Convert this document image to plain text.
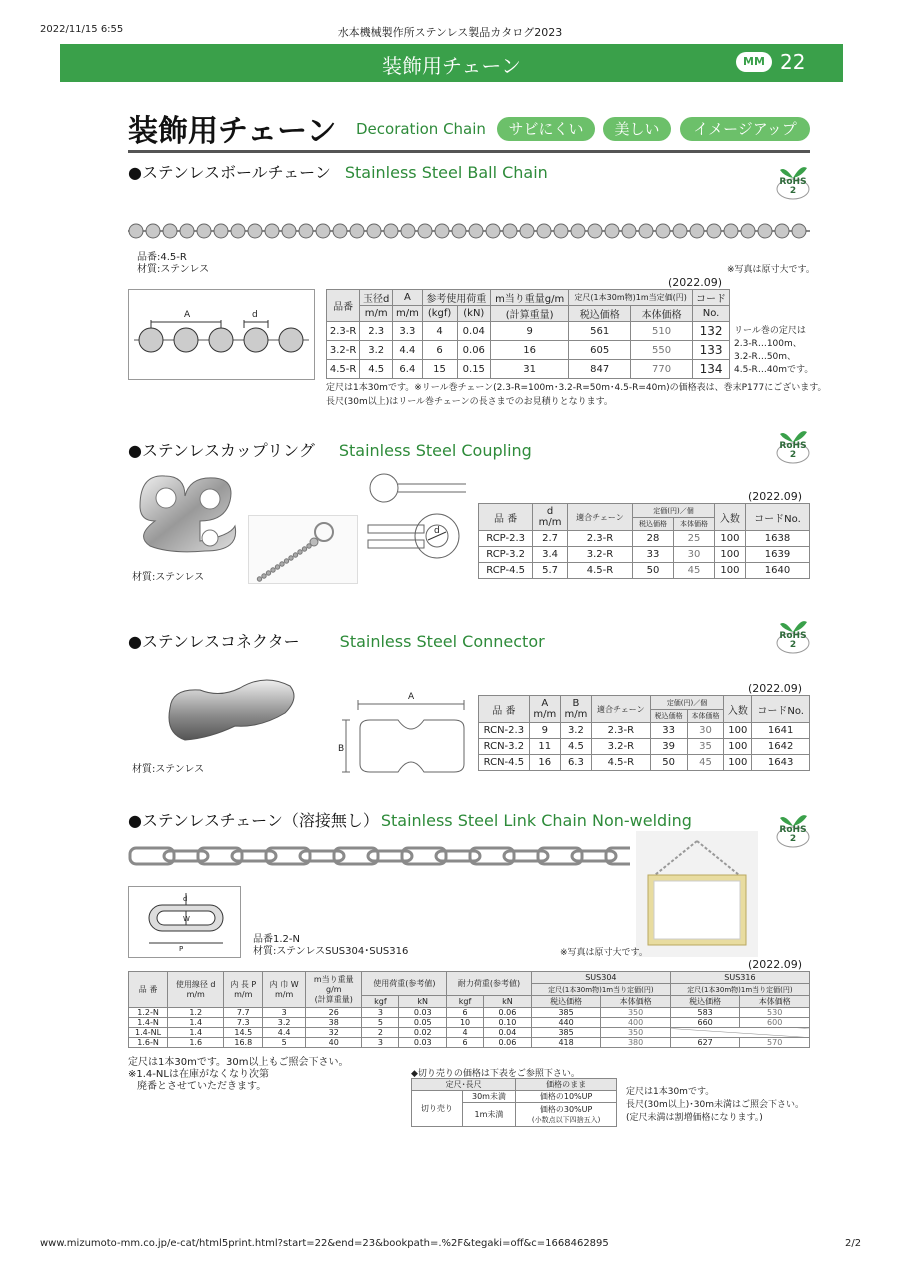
2022/11/15 6:55	水本機械製作所ステンレス製品カタログ2023
装飾用チェーン	MM 22
装飾用チェーン Decoration Chain	サビにくい	美しい	イメージアップ
●ステンレスボールチェーン Stainless Steel Ball Chain	RoHS
2
品番:4.5-R
材質:ステンレス	※写真は原寸大です。
(2022.09)
A	d
品番	玉径d	A	参考使用荷重		m当り重量g/m	定尺(1本30m物)1m当定価(円)		コード
	m/m	m/m	(kgf)	(kN)	(計算重量)	税込価格	本体価格	No.
2.3-R	2.3	3.3	4	0.04	9	561	510	132
3.2-R	3.2	4.4	6	0.06	16	605	550	133
4.5-R	4.5	6.4	15	0.15	31	847	770	134
リール巻の定尺は
2.3-R…100m、
3.2-R…50m、
4.5-R…40mです。
定尺は1本30mです。※リール巻チェーン(2.3-R=100m･3.2-R=50m･4.5-R=40m)の価格表は、巻末P177にございます。
長尺(30m以上)はリール巻チェーンの長さまでのお見積りとなります。
●ステンレスカップリング Stainless Steel Coupling	RoHS
2
材質:ステンレス
d
(2022.09)
品 番	d
m/m	適合チェーン	定価(円)／個		入数	コードNo.
			税込価格	本体価格		
RCP-2.3	2.7	2.3-R	28	25	100	1638
RCP-3.2	3.4	3.2-R	33	30	100	1639
RCP-4.5	5.7	4.5-R	50	45	100	1640
●ステンレスコネクター	Stainless Steel Connector	RoHS
2
材質:ステンレス
A
B
(2022.09)
品 番	A
m/m	B
m/m	適合チェーン	定価(円)／個		入数	コードNo.
				税込価格	本体価格		
RCN-2.3	9	3.2	2.3-R	33	30	100	1641
RCN-3.2	11	4.5	3.2-R	39	35	100	1642
RCN-4.5	16	6.3	4.5-R	50	45	100	1643
●ステンレスチェーン（溶接無し） Stainless Steel Link Chain Non-welding	RoHS
2
d
W
P
品番1.2-N
材質:ステンレスSUS304･SUS316	※写真は原寸大です。
(2022.09)
品 番	使用線径 d
m/m	内 長 P
m/m	内 巾 W
m/m	m当り重量
g/m
(計算重量)	使用荷重(参考値)		耐力荷重(参考値)		SUS304		SUS316	
									定尺(1本30m物)1m当り定価(円)		定尺(1本30m物)1m当り定価(円)	
					kgf	kN	kgf	kN	税込価格	本体価格	税込価格	本体価格
1.2-N	1.2	7.7	3	26	3	0.03	6	0.06	385	350	583	530
1.4-N	1.4	7.3	3.2	38	5	0.05	10	0.10	440	400	660	600
1.4-NL	1.4	14.5	4.4	32	2	0.02	4	0.04	385	350		
1.6-N	1.6	16.8	5	40	3	0.03	6	0.06	418	380	627	570
定尺は1本30mです。30m以上もご照会下さい。
※1.4-NLは在庫がなくなり次第
廃番とさせていただきます。
◆切り売りの価格は下表をご参照下さい。
定尺･長尺		価格のまま
切り売り	30m未満	価格の10%UP
	1m未満	価格の30%UP
(小数点以下四捨五入)
定尺は1本30mです。
長尺(30m以上)･30m未満はご照会下さい。
(定尺未満は割増価格になります。)
www.mizumoto-mm.co.jp/e-cat/html5print.html?start=22&end=23&bookpath=.%2F&tegaki=off&c=1668462895	2/2
